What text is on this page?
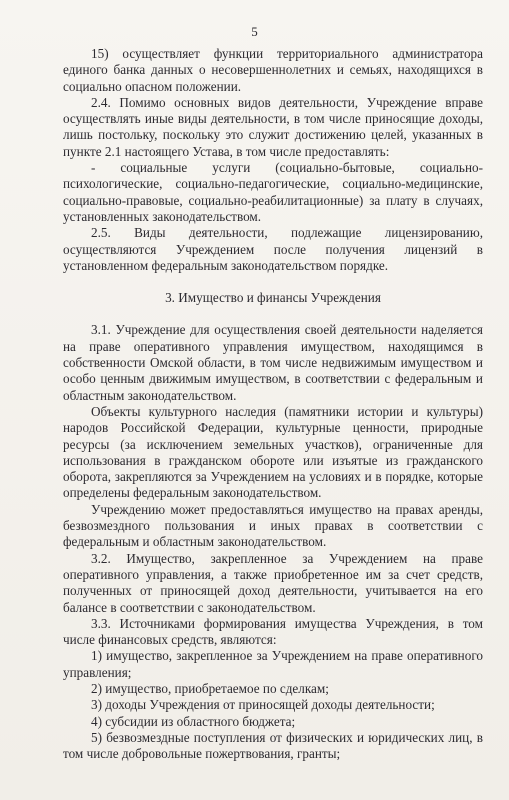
5

15) осуществляет функции территориального администратора единого банка данных о несовершеннолетних и семьях, находящихся в социально опасном положении.

2.4. Помимо основных видов деятельности, Учреждение вправе осуществлять иные виды деятельности, в том числе приносящие доходы, лишь постольку, поскольку это служит достижению целей, указанных в пункте 2.1 настоящего Устава, в том числе предоставлять:

- социальные услуги (социально-бытовые, социально-психологические, социально-педагогические, социально-медицинские, социально-правовые, социально-реабилитационные) за плату в случаях, установленных законодательством.

2.5. Виды деятельности, подлежащие лицензированию, осуществляются Учреждением после получения лицензий в установленном федеральным законодательством порядке.

3. Имущество и финансы Учреждения

3.1. Учреждение для осуществления своей деятельности наделяется на праве оперативного управления имуществом, находящимся в собственности Омской области, в том числе недвижимым имуществом и особо ценным движимым имуществом, в соответствии с федеральным и областным законодательством.

Объекты культурного наследия (памятники истории и культуры) народов Российской Федерации, культурные ценности, природные ресурсы (за исключением земельных участков), ограниченные для использования в гражданском обороте или изъятые из гражданского оборота, закрепляются за Учреждением на условиях и в порядке, которые определены федеральным законодательством.

Учреждению может предоставляться имущество на правах аренды, безвозмездного пользования и иных правах в соответствии с федеральным и областным законодательством.

3.2. Имущество, закрепленное за Учреждением на праве оперативного управления, а также приобретенное им за счет средств, полученных от приносящей доход деятельности, учитывается на его балансе в соответствии с законодательством.

3.3. Источниками формирования имущества Учреждения, в том числе финансовых средств, являются:

1) имущество, закрепленное за Учреждением на праве оперативного управления;

2) имущество, приобретаемое по сделкам;

3) доходы Учреждения от приносящей доходы деятельности;

4) субсидии из областного бюджета;

5) безвозмездные поступления от физических и юридических лиц, в том числе добровольные пожертвования, гранты;
